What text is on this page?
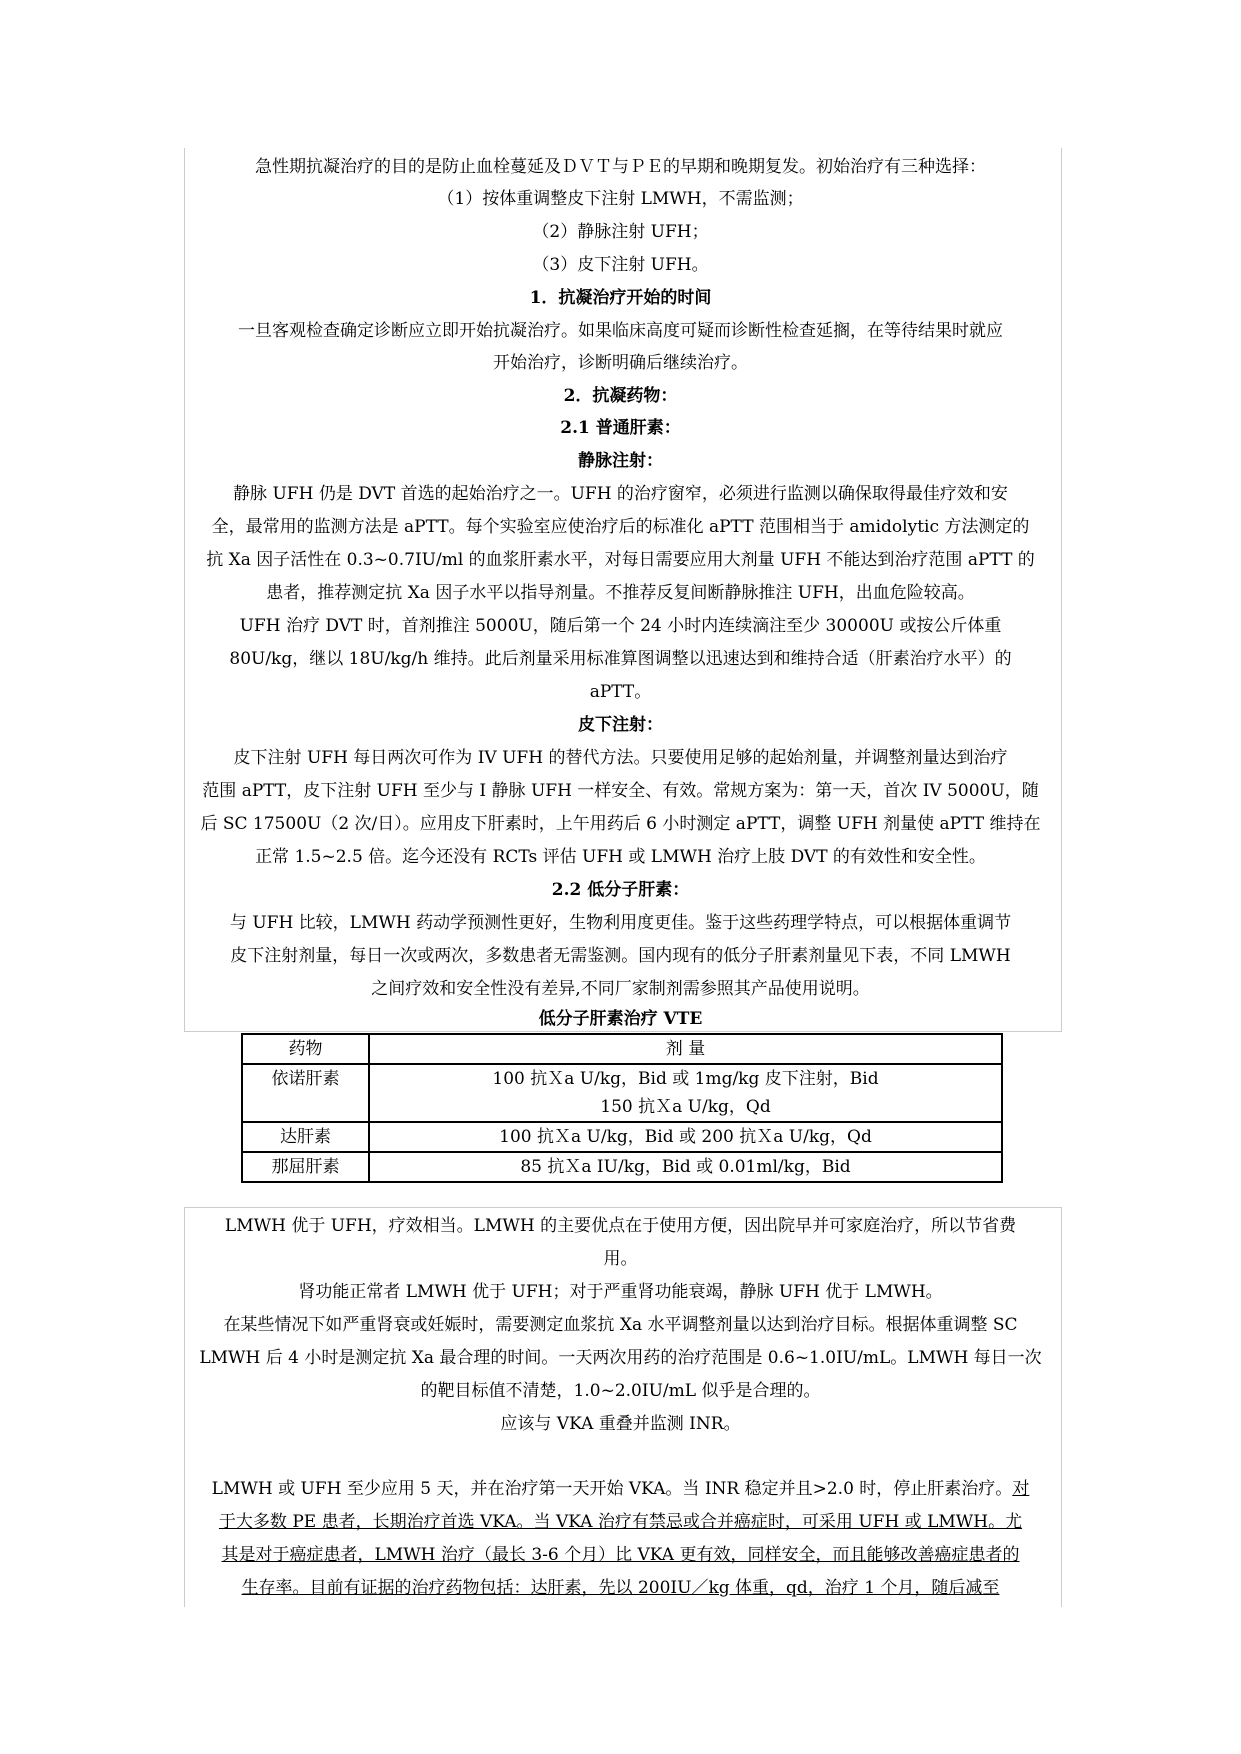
急性期抗凝治疗的目的是防止血栓蔓延及ＤＶＴ与ＰＥ的早期和晚期复发。初始治疗有三种选择：
（1）按体重调整皮下注射 LMWH，不需监测；
（2）静脉注射 UFH；
（3）皮下注射 UFH。
1．抗凝治疗开始的时间
一旦客观检查确定诊断应立即开始抗凝治疗。如果临床高度可疑而诊断性检查延搁，在等待结果时就应
开始治疗，诊断明确后继续治疗。
2．抗凝药物：
2.1 普通肝素：
静脉注射：
静脉 UFH 仍是 DVT 首选的起始治疗之一。UFH 的治疗窗窄，必须进行监测以确保取得最佳疗效和安
全，最常用的监测方法是 aPTT。每个实验室应使治疗后的标准化 aPTT 范围相当于 amidolytic 方法测定的
抗 Xa 因子活性在 0.3~0.7IU/ml 的血浆肝素水平，对每日需要应用大剂量 UFH 不能达到治疗范围 aPTT 的
患者，推荐测定抗 Xa 因子水平以指导剂量。不推荐反复间断静脉推注 UFH，出血危险较高。
UFH 治疗 DVT 时，首剂推注 5000U，随后第一个 24 小时内连续滴注至少 30000U 或按公斤体重
80U/kg，继以 18U/kg/h 维持。此后剂量采用标准算图调整以迅速达到和维持合适（肝素治疗水平）的
aPTT。
皮下注射：
皮下注射 UFH 每日两次可作为 IV UFH 的替代方法。只要使用足够的起始剂量，并调整剂量达到治疗
范围 aPTT，皮下注射 UFH 至少与 I 静脉 UFH 一样安全、有效。常规方案为：第一天，首次 IV 5000U，随
后 SC 17500U（2 次/日）。应用皮下肝素时，上午用药后 6 小时测定 aPTT，调整 UFH 剂量使 aPTT 维持在
正常 1.5~2.5 倍。迄今还没有 RCTs 评估 UFH 或 LMWH 治疗上肢 DVT 的有效性和安全性。
2.2 低分子肝素：
与 UFH 比较，LMWH 药动学预测性更好，生物利用度更佳。鉴于这些药理学特点，可以根据体重调节
皮下注射剂量，每日一次或两次，多数患者无需鉴测。国内现有的低分子肝素剂量见下表，不同 LMWH
之间疗效和安全性没有差异,不同厂家制剂需参照其产品使用说明。
低分子肝素治疗 VTE
药物	剂 量
依诺肝素	100 抗Ｘa U/kg，Bid 或 1mg/kg 皮下注射，Bid
150 抗Ｘa U/kg，Qd

达肝素	100 抗Ｘa U/kg，Bid 或 200 抗Ｘa U/kg，Qd
那屈肝素	85 抗Ｘa IU/kg，Bid 或 0.01ml/kg，Bid
LMWH 优于 UFH，疗效相当。LMWH 的主要优点在于使用方便，因出院早并可家庭治疗，所以节省费
用。
肾功能正常者 LMWH 优于 UFH；对于严重肾功能衰竭，静脉 UFH 优于 LMWH。
在某些情况下如严重肾衰或妊娠时，需要测定血浆抗 Xa 水平调整剂量以达到治疗目标。根据体重调整 SC
LMWH 后 4 小时是测定抗 Xa 最合理的时间。一天两次用药的治疗范围是 0.6~1.0IU/mL。LMWH 每日一次
的靶目标值不清楚，1.0~2.0IU/mL 似乎是合理的。
应该与 VKA 重叠并监测 INR。
LMWH 或 UFH 至少应用 5 天，并在治疗第一天开始 VKA。当 INR 稳定并且>2.0 时，停止肝素治疗。对
于大多数 PE 患者，长期治疗首选 VKA。当 VKA 治疗有禁忌或合并癌症时，可采用 UFH 或 LMWH。尤
其是对于癌症患者，LMWH 治疗（最长 3-6 个月）比 VKA 更有效，同样安全，而且能够改善癌症患者的
生存率。目前有证据的治疗药物包括：达肝素，先以 200IU／kg 体重，qd，治疗 1 个月，随后减至
